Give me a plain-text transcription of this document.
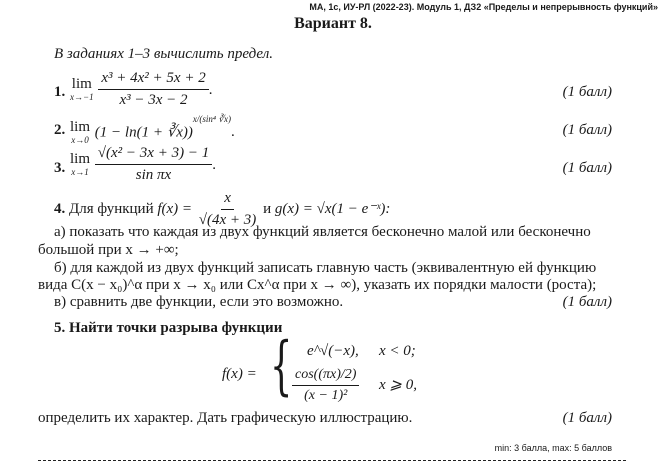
МА, 1с, ИУ-РЛ (2022-23). Модуль 1, ДЗ2 «Пределы и непрерывность функций»
Вариант 8.
В заданиях 1–3 вычислить предел.
1. lim
x→−1
$\frac{\text{x³ + 4x² + 5x + 2}}{\text{x³ − 3x − 2}}$ .	(1 балл)
2. lim
x→0 (1 − ln(1 + ∛x))$^{x/(sin^4 ∛x)}$.	(1 балл)
3.
lim
x→1
$\frac{\text{√(x² − 3x + 3) − 1}}{\text{sin πx}}$ .	(1 балл)
4. Для функций $f(x) = \frac{x}{√(4x + 3)}$ и g(x) = √x(1 − e⁻ˣ):
а) показать что каждая из двух функций является бесконечно малой или бесконечно
большой при x → +∞;
б) для каждой из двух функций записать главную часть (эквивалентную ей функцию
вида C(x − x₀)^α при x → x₀ или Cx^α при x → ∞), указать их порядки малости (роста);
в) сравнить две функции, если это возможно.	(1 балл)
5. Найти точки разрыва функции
f(x) = { e^√(−x), x < 0;
$\frac{\cos((\pi x)/2)}{\text{(x − 1)²}}$ x ⩾ 0,
определить их характер. Дать графическую иллюстрацию.	(1 балл)
min: 3 балла, max: 5 баллов
